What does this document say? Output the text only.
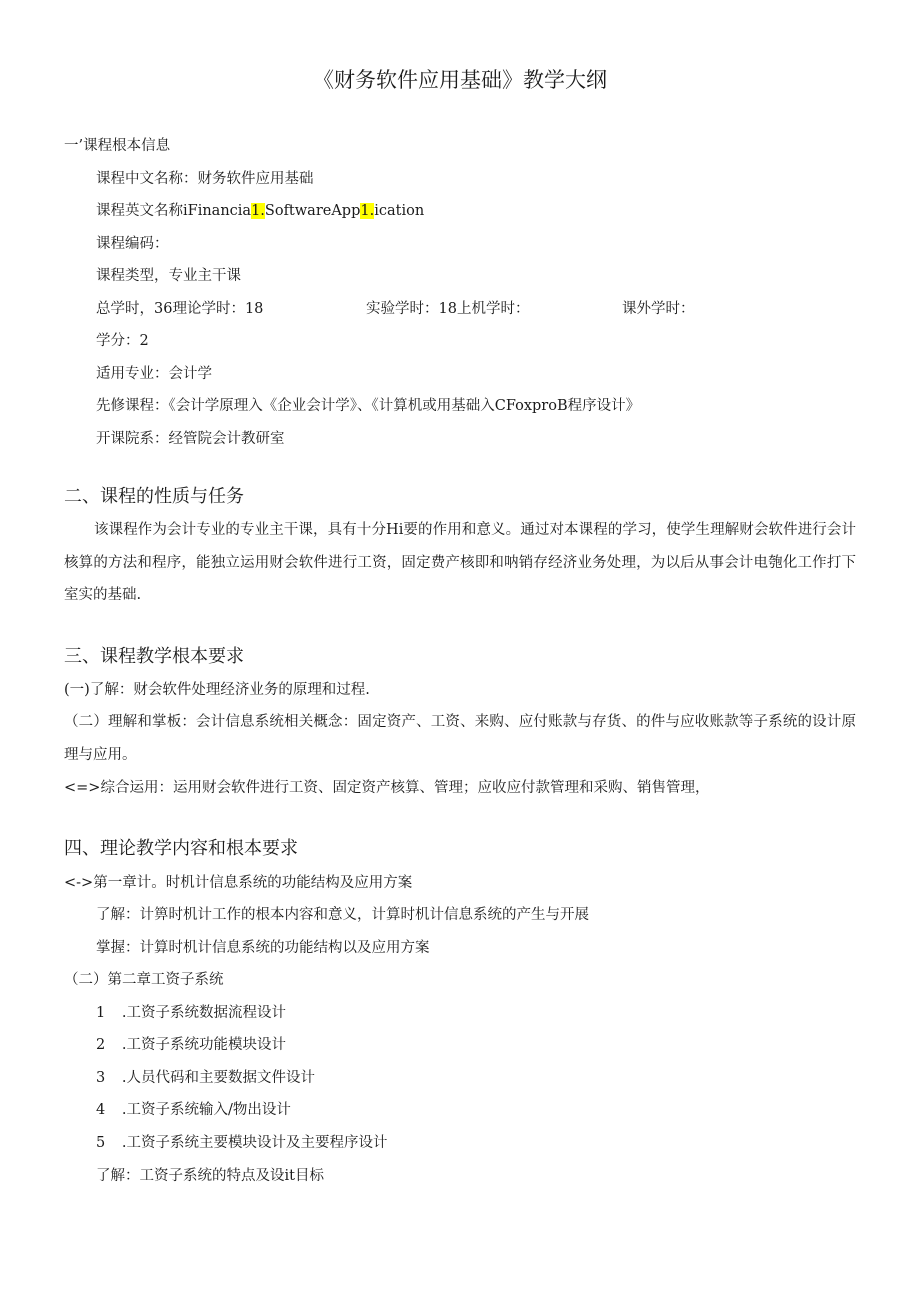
《财务软件应用基础》教学大纲
一’课程根本信息
课程中文名称：财务软件应用基础
课程英文名称iFinancia1.SoftwareApp1.ication
课程编码：
课程类型，专业主干课
总学时，36理论学时：18	实验学时：18上机学时：	课外学时：
学分：2
适用专业：会计学
先修课程：《会计学原理入《企业会计学》、《计算机或用基础入CFoxproB程序设计》
开课院系：经管院会计教研室
二、课程的性质与任务
该课程作为会计专业的专业主干课，具有十分Hi要的作用和意义。通过对本课程的学习，使学生理解财会软件进行会计核算的方法和程序，能独立运用财会软件进行工资，固定费产核即和呐销存经济业务处理，为以后从事会计电匏化工作打下室实的基础.
三、课程教学根本要求
(一)了解：财会软件处理经济业务的原理和过程.
（二）理解和掌板：会计信息系统相关概念：固定资产、工资、来购、应付账款与存货、的件与应收账款等子系统的设计原理与应用。
<=>综合运用：运用财会软件进行工资、固定资产核算、管理；应收应付款管理和采购、销售管理，
四、理论教学内容和根本要求
<->第一章计。时机计信息系统的功能结构及应用方案
了解：计箅时机计工作的根本内容和意义，计算时机计信息系统的产生与开展
掌握：计算时机计信息系统的功能结构以及应用方案
（二）第二章工资子系统
1 .工资子系统数据流程设计
2 .工资子系统功能模块设计
3 .人员代码和主要数据文件设计
4 .工资子系统输入/物出设计
5 .工资子系统主要模块设计及主要程序设计
了解：工资子系统的特点及设it目标
